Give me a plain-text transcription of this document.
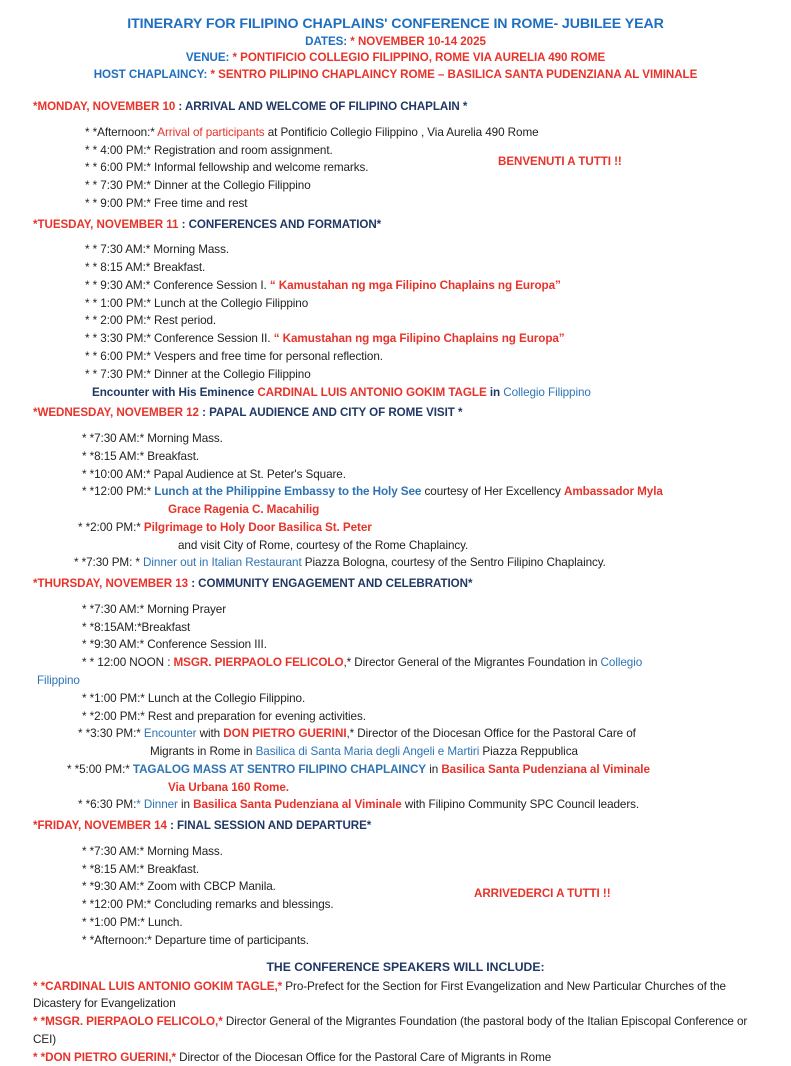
ITINERARY FOR FILIPINO CHAPLAINS' CONFERENCE IN ROME- JUBILEE YEAR
DATES: * NOVEMBER 10-14 2025
VENUE: * PONTIFICIO COLLEGIO FILIPPINO, ROME VIA AURELIA 490 ROME
HOST CHAPLAINCY: * SENTRO PILIPINO CHAPLAINCY ROME – BASILICA SANTA PUDENZIANA AL VIMINALE
*MONDAY, NOVEMBER 10 : ARRIVAL AND WELCOME OF FILIPINO CHAPLAIN *
* *Afternoon:* Arrival of participants at Pontificio Collegio Filippino , Via Aurelia 490 Rome
* * 4:00 PM:* Registration and room assignment.
* * 6:00 PM:* Informal fellowship and welcome remarks.
* * 7:30 PM:* Dinner at the Collegio Filippino
* * 9:00 PM:* Free time and rest
*TUESDAY, NOVEMBER 11 : CONFERENCES AND FORMATION*
* * 7:30 AM:* Morning Mass.
* * 8:15 AM:* Breakfast.
* * 9:30 AM:* Conference Session I. “ Kamustahan ng mga Filipino Chaplains ng Europa”
* * 1:00 PM:* Lunch at the Collegio Filippino
* * 2:00 PM:* Rest period.
* * 3:30 PM:* Conference Session II. “ Kamustahan ng mga Filipino Chaplains ng Europa”
* * 6:00 PM:* Vespers and free time for personal reflection.
* * 7:30 PM:* Dinner at the Collegio Filippino
Encounter with His Eminence CARDINAL LUIS ANTONIO GOKIM TAGLE in Collegio Filippino
*WEDNESDAY, NOVEMBER 12 : PAPAL AUDIENCE AND CITY OF ROME VISIT *
* *7:30 AM:* Morning Mass.
* *8:15 AM:* Breakfast.
* *10:00 AM:* Papal Audience at St. Peter's Square.
* *12:00 PM:* Lunch at the Philippine Embassy to the Holy See courtesy of Her Excellency Ambassador Myla
Grace Ragenia C. Macahilig
* *2:00 PM:* Pilgrimage to Holy Door Basilica St. Peter
and visit City of Rome, courtesy of the Rome Chaplaincy.
* *7:30 PM: * Dinner out in Italian Restaurant Piazza Bologna, courtesy of the Sentro Filipino Chaplaincy.
*THURSDAY, NOVEMBER 13 : COMMUNITY ENGAGEMENT AND CELEBRATION*
* *7:30 AM:* Morning Prayer
* *8:15AM:*Breakfast
* *9:30 AM:* Conference Session III.
* * 12:00 NOON : MSGR. PIERPAOLO FELICOLO,* Director General of the Migrantes Foundation in Collegio
Filippino
* *1:00 PM:* Lunch at the Collegio Filippino.
* *2:00 PM:* Rest and preparation for evening activities.
* *3:30 PM:* Encounter with DON PIETRO GUERINI,* Director of the Diocesan Office for the Pastoral Care of
Migrants in Rome in Basilica di Santa Maria degli Angeli e Martiri Piazza Reppublica
* *5:00 PM:* TAGALOG MASS AT SENTRO FILIPINO CHAPLAINCY in Basilica Santa Pudenziana al Viminale
Via Urbana 160 Rome.
* *6:30 PM:* Dinner in Basilica Santa Pudenziana al Viminale with Filipino Community SPC Council leaders.
*FRIDAY, NOVEMBER 14 : FINAL SESSION AND DEPARTURE*
* *7:30 AM:* Morning Mass.
* *8:15 AM:* Breakfast.
* *9:30 AM:* Zoom with CBCP Manila.
* *12:00 PM:* Concluding remarks and blessings.
* *1:00 PM:* Lunch.
* *Afternoon:* Departure time of participants.
THE CONFERENCE SPEAKERS WILL INCLUDE:
* *CARDINAL LUIS ANTONIO GOKIM TAGLE,* Pro-Prefect for the Section for First Evangelization and New Particular Churches of the Dicastery for Evangelization
* *MSGR. PIERPAOLO FELICOLO,* Director General of the Migrantes Foundation (the pastoral body of the Italian Episcopal Conference or CEI)
* *DON PIETRO GUERINI,* Director of the Diocesan Office for the Pastoral Care of Migrants in Rome
BENVENUTI A TUTTI !!
ARRIVEDERCI A TUTTI !!
